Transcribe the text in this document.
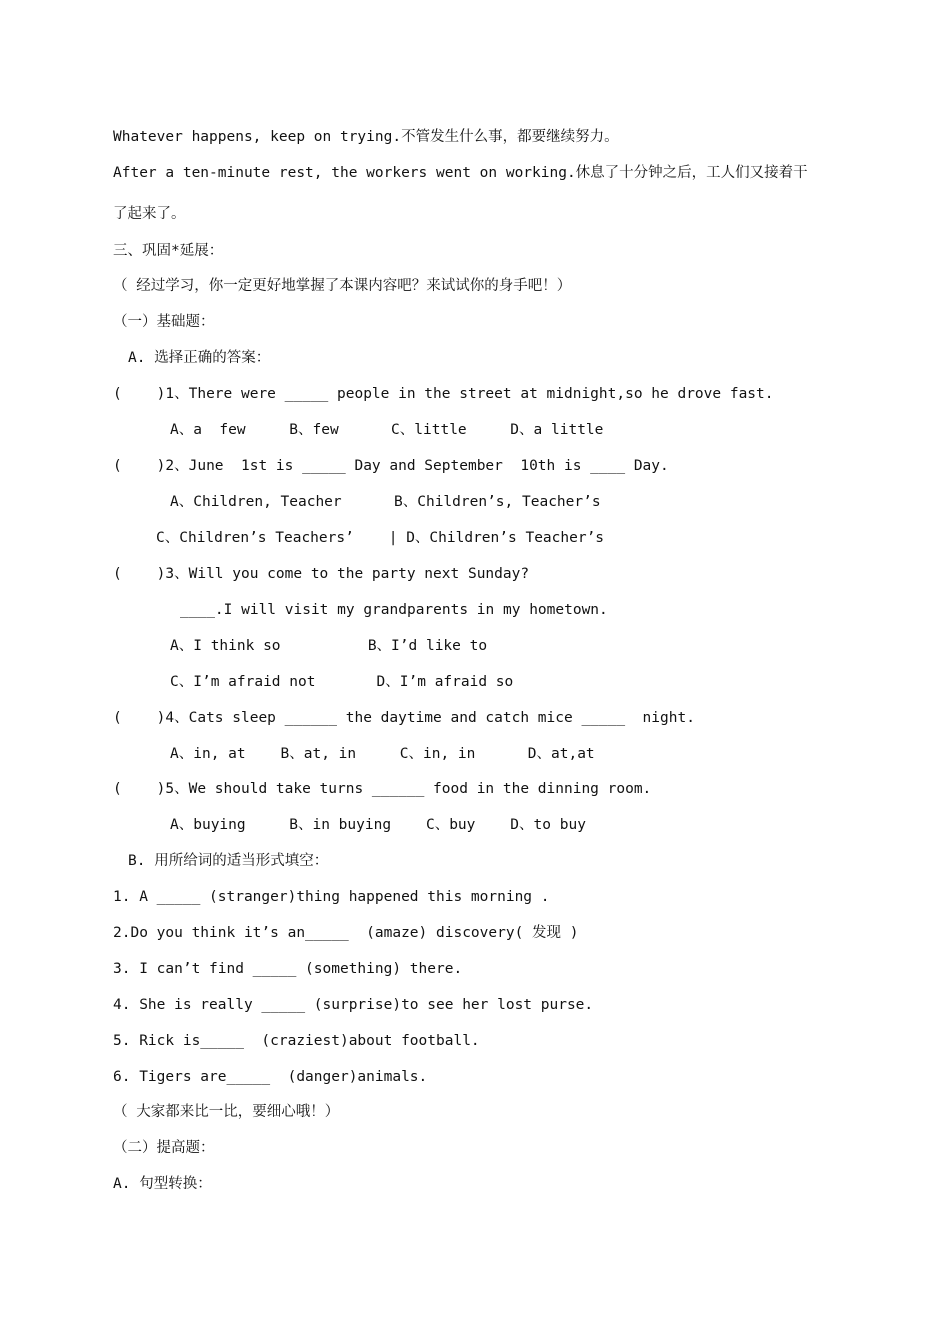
Whatever happens, keep on trying.不管发生什么事，都要继续努力。
After a ten-minute rest, the workers went on working.休息了十分钟之后，工人们又接着干
了起来了。
三、巩固*延展：
（ 经过学习，你一定更好地掌握了本课内容吧？来试试你的身手吧！）
（一）基础题：
A. 选择正确的答案：
(    )1、There were _____ people in the street at midnight,so he drove fast.
A、a  few     B、few      C、little     D、a little
(    )2、June  1st is _____ Day and September  10th is ____ Day.
A、Children, Teacher      B、Children’s, Teacher’s
C、Children’s Teachers’    | D、Children’s Teacher’s
(    )3、Will you come to the party next Sunday?
____.I will visit my grandparents in my hometown.
A、I think so          B、I’d like to
C、I’m afraid not       D、I’m afraid so
(    )4、Cats sleep ______ the daytime and catch mice _____  night.
A、in, at    B、at, in     C、in, in      D、at,at
(    )5、We should take turns ______ food in the dinning room.
A、buying     B、in buying    C、buy    D、to buy
B. 用所给词的适当形式填空：
1. A _____ (stranger)thing happened this morning .
2.Do you think it’s an_____  (amaze) discovery( 发现 )
3. I can’t find _____ (something) there.
4. She is really _____ (surprise)to see her lost purse.
5. Rick is_____  (craziest)about football.
6. Tigers are_____  (danger)animals.
（ 大家都来比一比，要细心哦！）
（二）提高题：
A. 句型转换：
